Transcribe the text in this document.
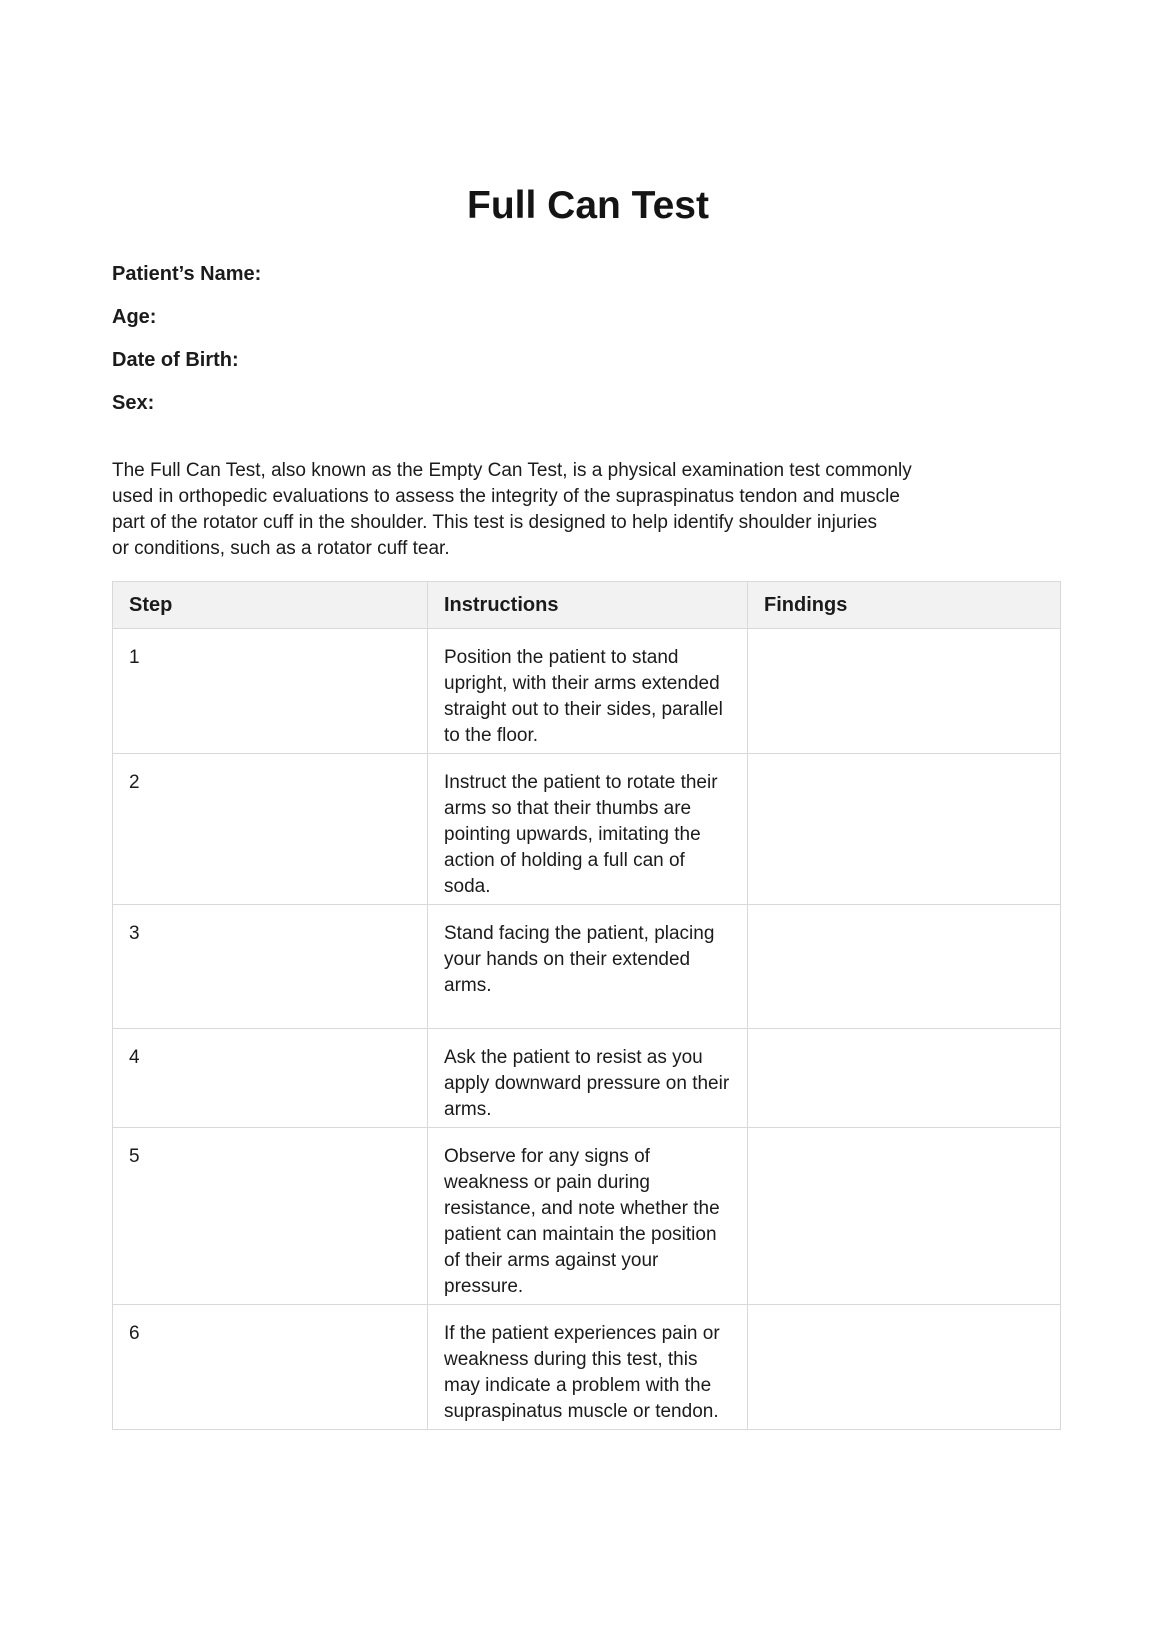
Full Can Test
Patient’s Name:
Age:
Date of Birth:
Sex:
The Full Can Test, also known as the Empty Can Test, is a physical examination test commonly
used in orthopedic evaluations to assess the integrity of the supraspinatus tendon and muscle
part of the rotator cuff in the shoulder. This test is designed to help identify shoulder injuries
or conditions, such as a rotator cuff tear.
Step	Instructions	Findings
1	Position the patient to stand upright, with their arms extended straight out to their sides, parallel to the floor.	
2	Instruct the patient to rotate their arms so that their thumbs are pointing upwards, imitating the action of holding a full can of soda.	
3	Stand facing the patient, placing your hands on their extended arms.	
4	Ask the patient to resist as you apply downward pressure on their arms.	
5	Observe for any signs of weakness or pain during resistance, and note whether the patient can maintain the position of their arms against your pressure.	
6	If the patient experiences pain or weakness during this test, this may indicate a problem with the supraspinatus muscle or tendon.	
